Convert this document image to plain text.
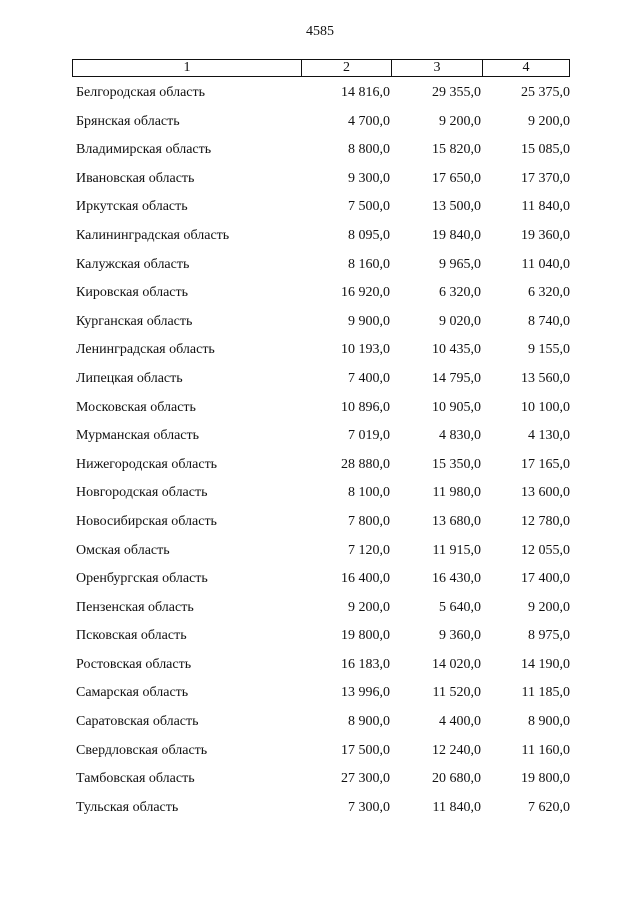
4585
1	2	3	4
Белгородская область	14 816,0	29 355,0	25 375,0
Брянская область	4 700,0	9 200,0	9 200,0
Владимирская область	8 800,0	15 820,0	15 085,0
Ивановская область	9 300,0	17 650,0	17 370,0
Иркутская область	7 500,0	13 500,0	11 840,0
Калининградская область	8 095,0	19 840,0	19 360,0
Калужская область	8 160,0	9 965,0	11 040,0
Кировская область	16 920,0	6 320,0	6 320,0
Курганская область	9 900,0	9 020,0	8 740,0
Ленинградская область	10 193,0	10 435,0	9 155,0
Липецкая область	7 400,0	14 795,0	13 560,0
Московская область	10 896,0	10 905,0	10 100,0
Мурманская область	7 019,0	4 830,0	4 130,0
Нижегородская область	28 880,0	15 350,0	17 165,0
Новгородская область	8 100,0	11 980,0	13 600,0
Новосибирская область	7 800,0	13 680,0	12 780,0
Омская область	7 120,0	11 915,0	12 055,0
Оренбургская область	16 400,0	16 430,0	17 400,0
Пензенская область	9 200,0	5 640,0	9 200,0
Псковская область	19 800,0	9 360,0	8 975,0
Ростовская область	16 183,0	14 020,0	14 190,0
Самарская область	13 996,0	11 520,0	11 185,0
Саратовская область	8 900,0	4 400,0	8 900,0
Свердловская область	17 500,0	12 240,0	11 160,0
Тамбовская область	27 300,0	20 680,0	19 800,0
Тульская область	7 300,0	11 840,0	7 620,0
